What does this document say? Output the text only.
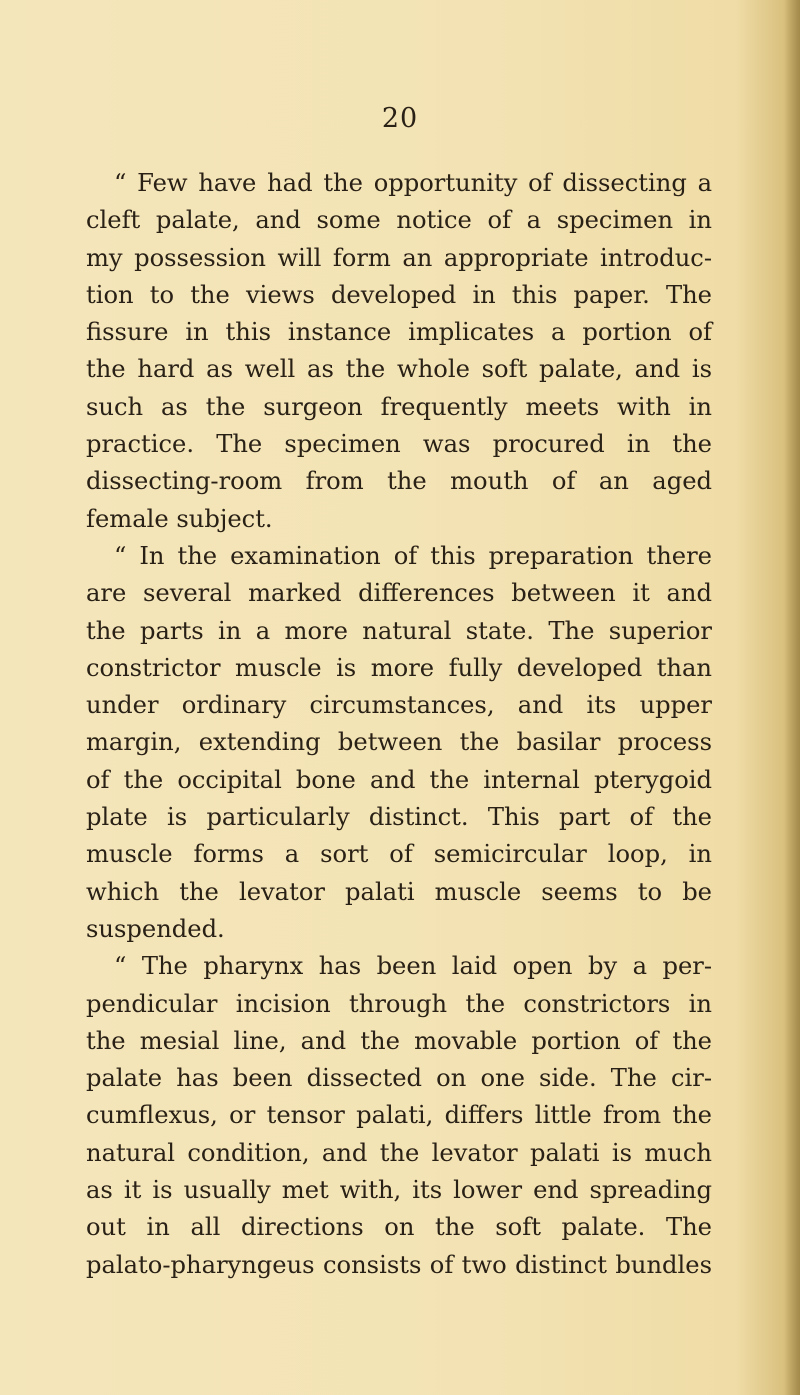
20
“ Few have had the opportunity of dissecting a
cleft palate, and some notice of a specimen in
my possession will form an appropriate introduc-
tion to the views developed in this paper. The
fissure in this instance implicates a portion of
the hard as well as the whole soft palate, and is
such as the surgeon frequently meets with in
practice. The specimen was procured in the
dissecting-room from the mouth of an aged
female subject.
“ In the examination of this preparation there
are several marked differences between it and
the parts in a more natural state. The superior
constrictor muscle is more fully developed than
under ordinary circumstances, and its upper
margin, extending between the basilar process
of the occipital bone and the internal pterygoid
plate is particularly distinct. This part of the
muscle forms a sort of semicircular loop, in
which the levator palati muscle seems to be
suspended.
“ The pharynx has been laid open by a per-
pendicular incision through the constrictors in
the mesial line, and the movable portion of the
palate has been dissected on one side. The cir-
cumflexus, or tensor palati, differs little from the
natural condition, and the levator palati is much
as it is usually met with, its lower end spreading
out in all directions on the soft palate. The
palato-pharyngeus consists of two distinct bundles
